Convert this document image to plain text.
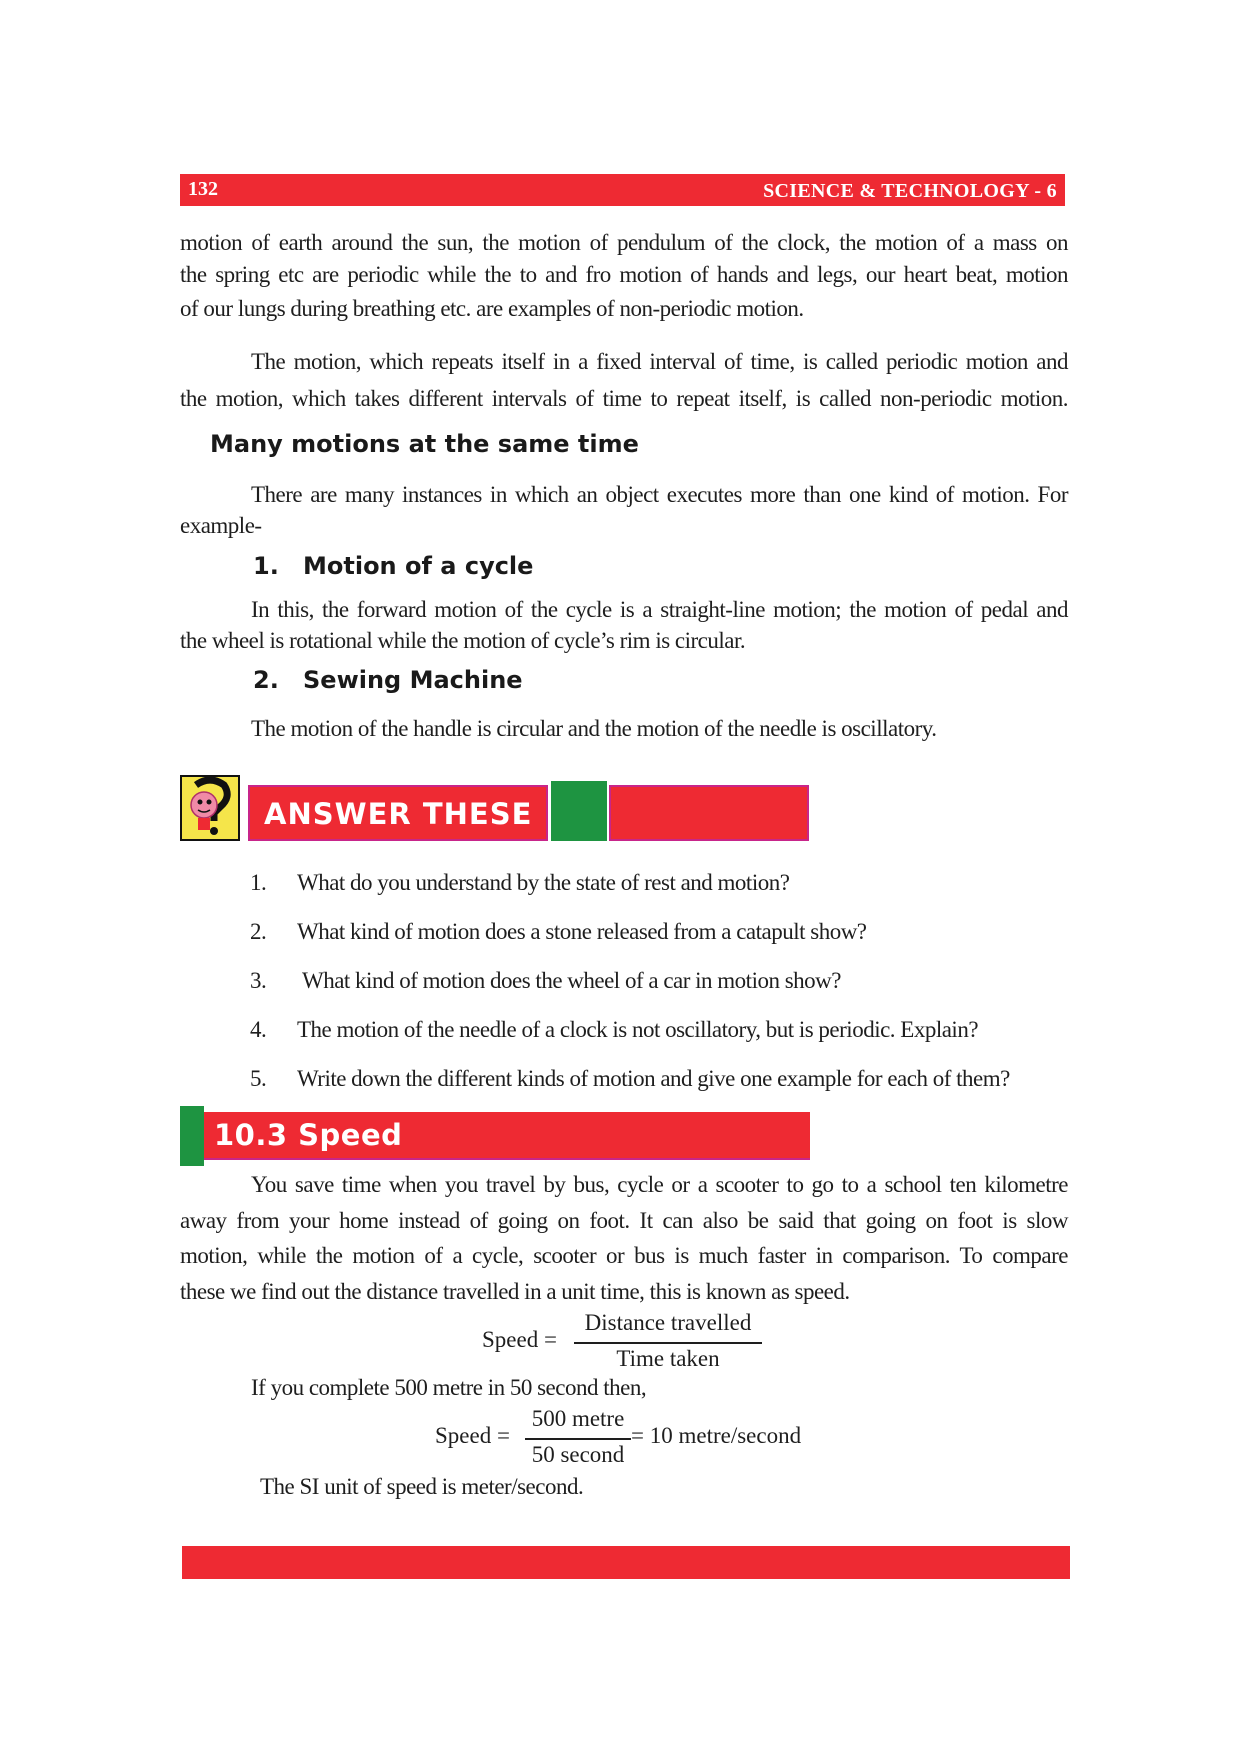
132	SCIENCE & TECHNOLOGY - 6
motion of earth around the sun, the motion of pendulum of the clock, the motion of a mass on
the spring etc are periodic while the to and fro motion of hands and legs, our heart beat, motion
of our lungs during breathing etc. are examples of non-periodic motion.
The motion, which repeats itself in a fixed interval of time, is called periodic motion and
the motion, which takes different intervals of time to repeat itself, is called non-periodic motion.
Many motions at the same time
There are many instances in which an object executes more than one kind of motion. For
example-
1. Motion of a cycle
In this, the forward motion of the cycle is a straight-line motion; the motion of pedal and
the wheel is rotational while the motion of cycle’s rim is circular.
2. Sewing Machine
The motion of the handle is circular and the motion of the needle is oscillatory.
ANSWER THESE
1. What do you understand by the state of rest and motion?
2. What kind of motion does a stone released from a catapult show?
3. What kind of motion does the wheel of a car in motion show?
4. The motion of the needle of a clock is not oscillatory, but is periodic. Explain?
5. Write down the different kinds of motion and give one example for each of them?
10.3 Speed
You save time when you travel by bus, cycle or a scooter to go to a school ten kilometre
away from your home instead of going on foot. It can also be said that going on foot is slow
motion, while the motion of a cycle, scooter or bus is much faster in comparison. To compare
these we find out the distance travelled in a unit time, this is known as speed.
Speed =
Distance travelled
Time taken
If you complete 500 metre in 50 second then,
Speed =
500 metre
50 second
= 10 metre/second
The SI unit of speed is meter/second.
